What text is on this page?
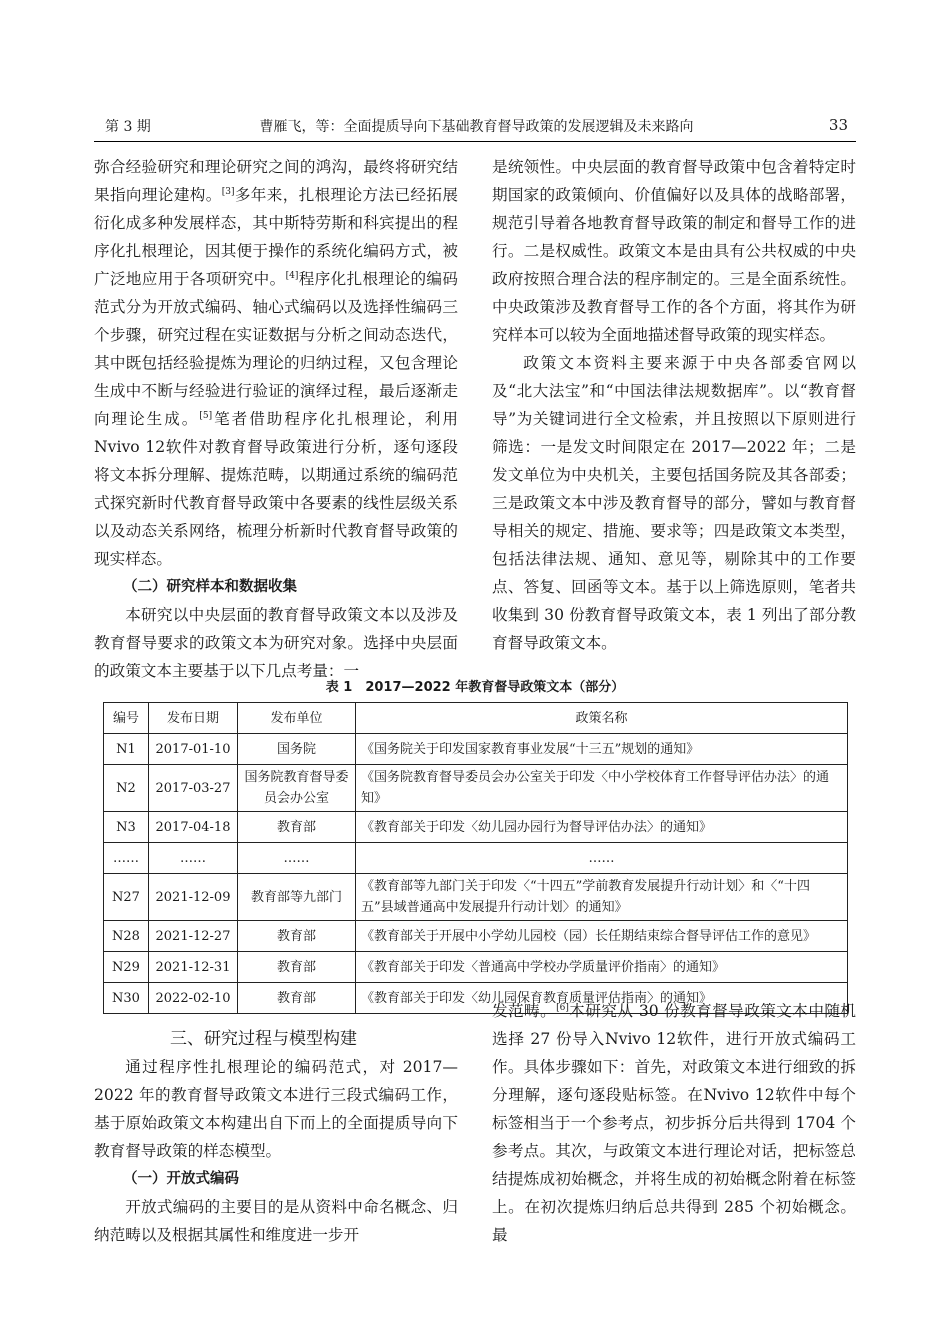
第 3 期	曹雁飞，等：全面提质导向下基础教育督导政策的发展逻辑及未来路向	33

弥合经验研究和理论研究之间的鸿沟，最终将研究结果指向理论建构。[3]多年来，扎根理论方法已经拓展衍化成多种发展样态，其中斯特劳斯和科宾提出的程序化扎根理论，因其便于操作的系统化编码方式，被广泛地应用于各项研究中。[4]程序化扎根理论的编码范式分为开放式编码、轴心式编码以及选择性编码三个步骤，研究过程在实证数据与分析之间动态迭代，其中既包括经验提炼为理论的归纳过程，又包含理论生成中不断与经验进行验证的演绎过程，最后逐渐走向理论生成。[5]笔者借助程序化扎根理论，利用Nvivo 12软件对教育督导政策进行分析，逐句逐段将文本拆分理解、提炼范畴，以期通过系统的编码范式探究新时代教育督导政策中各要素的线性层级关系以及动态关系网络，梳理分析新时代教育督导政策的现实样态。

（二）研究样本和数据收集

本研究以中央层面的教育督导政策文本以及涉及教育督导要求的政策文本为研究对象。选择中央层面的政策文本主要基于以下几点考量：一

是统领性。中央层面的教育督导政策中包含着特定时期国家的政策倾向、价值偏好以及具体的战略部署，规范引导着各地教育督导政策的制定和督导工作的进行。二是权威性。政策文本是由具有公共权威的中央政府按照合理合法的程序制定的。三是全面系统性。中央政策涉及教育督导工作的各个方面，将其作为研究样本可以较为全面地描述督导政策的现实样态。

政策文本资料主要来源于中央各部委官网以及“北大法宝”和“中国法律法规数据库”。以“教育督导”为关键词进行全文检索，并且按照以下原则进行筛选：一是发文时间限定在 2017—2022 年；二是发文单位为中央机关，主要包括国务院及其各部委；三是政策文本中涉及教育督导的部分，譬如与教育督导相关的规定、措施、要求等；四是政策文本类型，包括法律法规、通知、意见等，剔除其中的工作要点、答复、回函等文本。基于以上筛选原则，笔者共收集到 30 份教育督导政策文本，表 1 列出了部分教育督导政策文本。

表 1　2017—2022 年教育督导政策文本（部分）
编号	发布日期	发布单位	政策名称
N1	2017-01-10	国务院	《国务院关于印发国家教育事业发展“十三五”规划的通知》
N2	2017-03-27	国务院教育督导委员会办公室	《国务院教育督导委员会办公室关于印发〈中小学校体育工作督导评估办法〉的通知》
N3	2017-04-18	教育部	《教育部关于印发〈幼儿园办园行为督导评估办法〉的通知》
……	……	……	……
N27	2021-12-09	教育部等九部门	《教育部等九部门关于印发〈“十四五”学前教育发展提升行动计划〉和〈“十四五”县域普通高中发展提升行动计划〉的通知》
N28	2021-12-27	教育部	《教育部关于开展中小学幼儿园校（园）长任期结束综合督导评估工作的意见》
N29	2021-12-31	教育部	《教育部关于印发〈普通高中学校办学质量评价指南〉的通知》
N30	2022-02-10	教育部	《教育部关于印发〈幼儿园保育教育质量评估指南〉的通知》

三、研究过程与模型构建

通过程序性扎根理论的编码范式，对 2017—2022 年的教育督导政策文本进行三段式编码工作，基于原始政策文本构建出自下而上的全面提质导向下教育督导政策的样态模型。

（一）开放式编码

开放式编码的主要目的是从资料中命名概念、归纳范畴以及根据其属性和维度进一步开

发范畴。[6]本研究从 30 份教育督导政策文本中随机选择 27 份导入Nvivo 12软件，进行开放式编码工作。具体步骤如下：首先，对政策文本进行细致的拆分理解，逐句逐段贴标签。在Nvivo 12软件中每个标签相当于一个参考点，初步拆分后共得到 1704 个参考点。其次，与政策文本进行理论对话，把标签总结提炼成初始概念，并将生成的初始概念附着在标签上。在初次提炼归纳后总共得到 285 个初始概念。最
